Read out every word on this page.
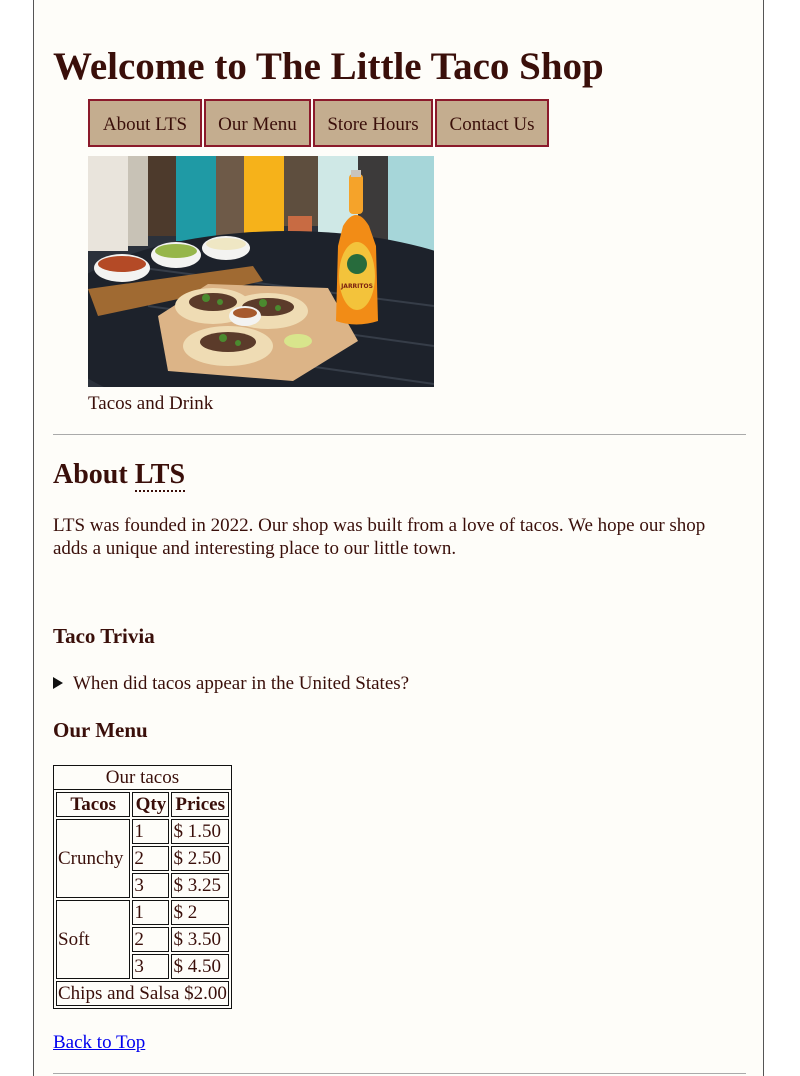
Welcome to The Little Taco Shop
About LTS	Our Menu	Store Hours	Contact Us
JARRITOS
Tacos and Drink
About LTS

LTS was founded in 2022. Our shop was built from a love of tacos. We hope our shop adds a unique and interesting place to our little town.

Taco Trivia
When did tacos appear in the United States?
Our Menu
Our tacos
Tacos	Qty	Prices
Crunchy	1	$ 1.50
	2	$ 2.50
	3	$ 3.25
Soft	1	$ 2
	2	$ 3.50
	3	$ 4.50
Chips and Salsa $2.00		
Back to Top
